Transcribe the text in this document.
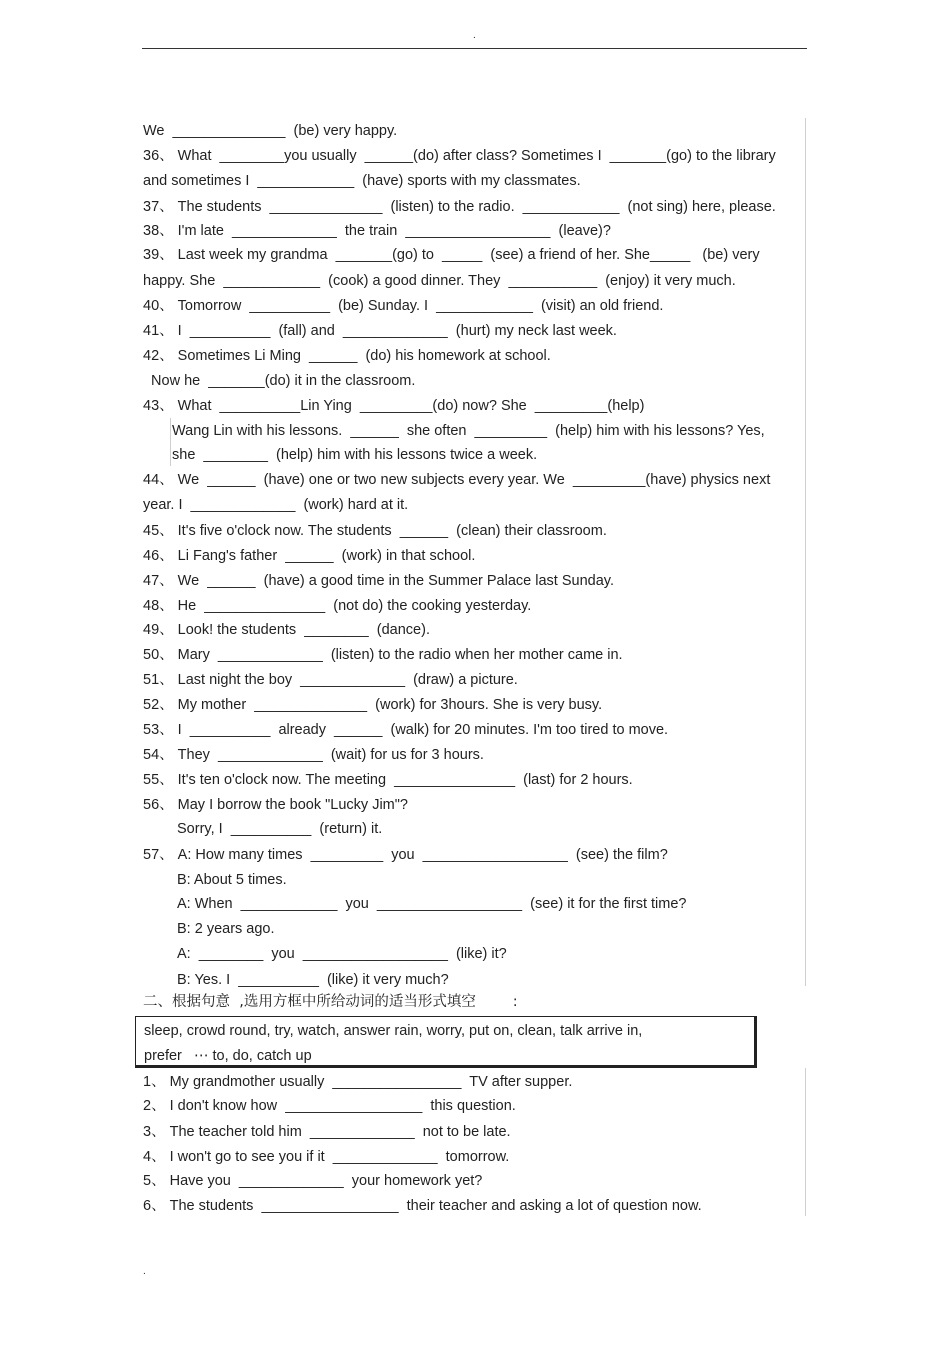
.
We  ______________  (be) very happy.
36、 What  ________you usually  ______(do) after class? Sometimes I  _______(go) to the library
and sometimes I  ____________  (have) sports with my classmates.
37、 The students  ______________  (listen) to the radio.  ____________  (not sing) here, please.
38、 I'm late  _____________  the train  __________________  (leave)?
39、 Last week my grandma  _______(go) to  _____  (see) a friend of her. She_____   (be) very
happy. She  ____________  (cook) a good dinner. They  ___________  (enjoy) it very much.
40、 Tomorrow  __________  (be) Sunday. I  ____________  (visit) an old friend.
41、 I  __________  (fall) and  _____________  (hurt) my neck last week.
42、 Sometimes Li Ming  ______  (do) his homework at school.
Now he  _______(do) it in the classroom.
43、 What  __________Lin Ying  _________(do) now? She  _________(help)
Wang Lin with his lessons.  ______  she often  _________  (help) him with his lessons? Yes,
she  ________  (help) him with his lessons twice a week.
44、 We  ______  (have) one or two new subjects every year. We  _________(have) physics next
year. I  _____________  (work) hard at it.
45、 It's five o'clock now. The students  ______  (clean) their classroom.
46、 Li Fang's father  ______  (work) in that school.
47、 We  ______  (have) a good time in the Summer Palace last Sunday.
48、 He  _______________  (not do) the cooking yesterday.
49、 Look! the students  ________  (dance).
50、 Mary  _____________  (listen) to the radio when her mother came in.
51、 Last night the boy  _____________  (draw) a picture.
52、 My mother  ______________  (work) for 3hours. She is very busy.
53、 I  __________  already  ______  (walk) for 20 minutes. I'm too tired to move.
54、 They  _____________  (wait) for us for 3 hours.
55、 It's ten o'clock now. The meeting  _______________  (last) for 2 hours.
56、 May I borrow the book "Lucky Jim"?
Sorry, I  __________  (return) it.
57、 A: How many times  _________  you  __________________  (see) the film?
B: About 5 times.
A: When  ____________  you  __________________  (see) it for the first time?
B: 2 years ago.
A:  ________  you  __________________  (like) it?
B: Yes. I  __________  (like) it very much?
二、根据句意  ,选用方框中所给动词的适当形式填空        :
sleep, crowd round, try, watch, answer rain, worry, put on, clean, talk arrive in,
prefer   ⋯ to, do, catch up
1、 My grandmother usually  ________________  TV after supper.
2、 I don't know how  _________________  this question.
3、 The teacher told him  _____________  not to be late.
4、 I won't go to see you if it  _____________  tomorrow.
5、 Have you  _____________  your homework yet?
6、 The students  _________________  their teacher and asking a lot of question now.
.
